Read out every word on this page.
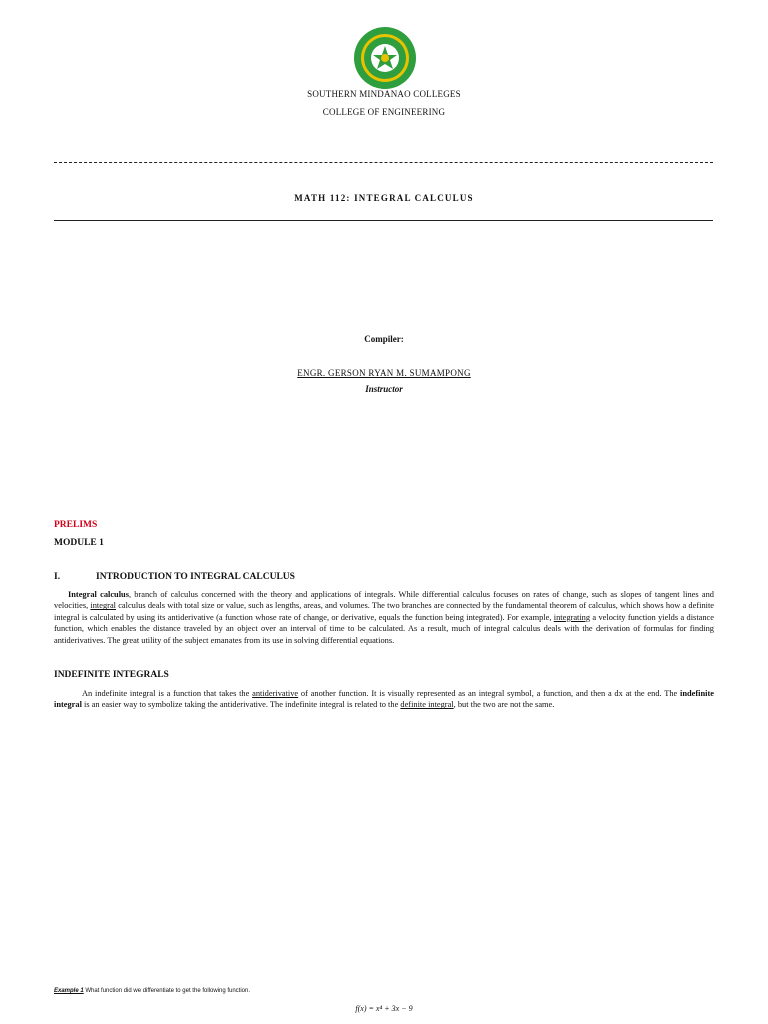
SOUTHERN MINDANAO COLLEGES
COLLEGE OF ENGINEERING
MATH 112: INTEGRAL CALCULUS
Compiler:
ENGR. GERSON RYAN M. SUMAMPONG
Instructor
PRELIMS
MODULE 1
I.	INTRODUCTION TO INTEGRAL CALCULUS
Integral calculus, branch of calculus concerned with the theory and applications of integrals. While differential calculus focuses on rates of change, such as slopes of tangent lines and velocities, integral calculus deals with total size or value, such as lengths, areas, and volumes. The two branches are connected by the fundamental theorem of calculus, which shows how a definite integral is calculated by using its antiderivative (a function whose rate of change, or derivative, equals the function being integrated). For example, integrating a velocity function yields a distance function, which enables the distance traveled by an object over an interval of time to be calculated. As a result, much of integral calculus deals with the derivation of formulas for finding antiderivatives. The great utility of the subject emanates from its use in solving differential equations.
INDEFINITE INTEGRALS
An indefinite integral is a function that takes the antiderivative of another function. It is visually represented as an integral symbol, a function, and then a dx at the end. The indefinite integral is an easier way to symbolize taking the antiderivative. The indefinite integral is related to the definite integral, but the two are not the same.
Example 1 What function did we differentiate to get the following function.
f(x) = x⁴ + 3x − 9
